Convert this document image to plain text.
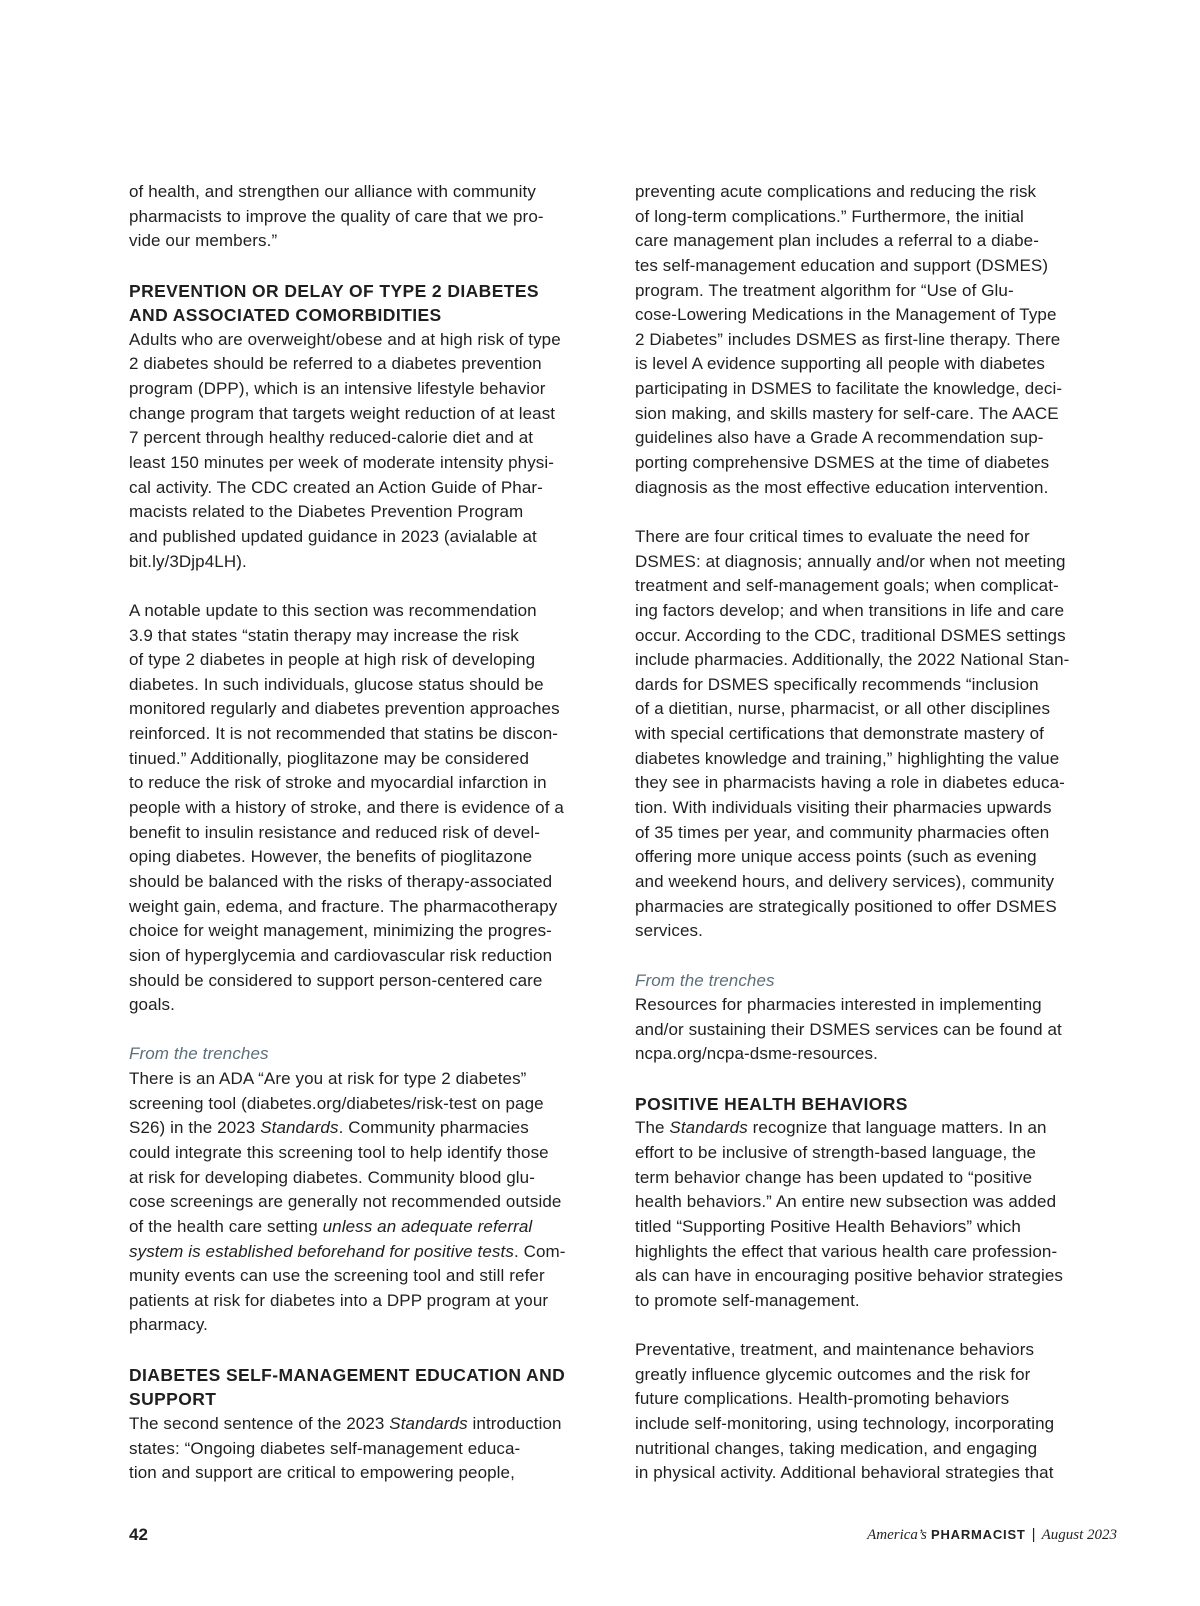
of health, and strengthen our alliance with community
pharmacists to improve the quality of care that we pro-
vide our members.”
PREVENTION OR DELAY OF TYPE 2 DIABETES
AND ASSOCIATED COMORBIDITIES
Adults who are overweight/obese and at high risk of type
2 diabetes should be referred to a diabetes prevention
program (DPP), which is an intensive lifestyle behavior
change program that targets weight reduction of at least
7 percent through healthy reduced-calorie diet and at
least 150 minutes per week of moderate intensity physi-
cal activity. The CDC created an Action Guide of Phar-
macists related to the Diabetes Prevention Program
and published updated guidance in 2023 (avialable at
bit.ly/3Djp4LH).
A notable update to this section was recommendation
3.9 that states “statin therapy may increase the risk
of type 2 diabetes in people at high risk of developing
diabetes. In such individuals, glucose status should be
monitored regularly and diabetes prevention approaches
reinforced. It is not recommended that statins be discon-
tinued.” Additionally, pioglitazone may be considered
to reduce the risk of stroke and myocardial infarction in
people with a history of stroke, and there is evidence of a
benefit to insulin resistance and reduced risk of devel-
oping diabetes. However, the benefits of pioglitazone
should be balanced with the risks of therapy-associated
weight gain, edema, and fracture. The pharmacotherapy
choice for weight management, minimizing the progres-
sion of hyperglycemia and cardiovascular risk reduction
should be considered to support person-centered care
goals.
From the trenches
There is an ADA “Are you at risk for type 2 diabetes”
screening tool (diabetes.org/diabetes/risk-test on page
S26) in the 2023 Standards. Community pharmacies
could integrate this screening tool to help identify those
at risk for developing diabetes. Community blood glu-
cose screenings are generally not recommended outside
of the health care setting unless an adequate referral
system is established beforehand for positive tests. Com-
munity events can use the screening tool and still refer
patients at risk for diabetes into a DPP program at your
pharmacy.
DIABETES SELF-MANAGEMENT EDUCATION AND
SUPPORT
The second sentence of the 2023 Standards introduction
states: “Ongoing diabetes self-management educa-
tion and support are critical to empowering people,
preventing acute complications and reducing the risk
of long-term complications.” Furthermore, the initial
care management plan includes a referral to a diabe-
tes self-management education and support (DSMES)
program. The treatment algorithm for “Use of Glu-
cose-Lowering Medications in the Management of Type
2 Diabetes” includes DSMES as first-line therapy. There
is level A evidence supporting all people with diabetes
participating in DSMES to facilitate the knowledge, deci-
sion making, and skills mastery for self-care. The AACE
guidelines also have a Grade A recommendation sup-
porting comprehensive DSMES at the time of diabetes
diagnosis as the most effective education intervention.
There are four critical times to evaluate the need for
DSMES: at diagnosis; annually and/or when not meeting
treatment and self-management goals; when complicat-
ing factors develop; and when transitions in life and care
occur. According to the CDC, traditional DSMES settings
include pharmacies. Additionally, the 2022 National Stan-
dards for DSMES specifically recommends “inclusion
of a dietitian, nurse, pharmacist, or all other disciplines
with special certifications that demonstrate mastery of
diabetes knowledge and training,” highlighting the value
they see in pharmacists having a role in diabetes educa-
tion. With individuals visiting their pharmacies upwards
of 35 times per year, and community pharmacies often
offering more unique access points (such as evening
and weekend hours, and delivery services), community
pharmacies are strategically positioned to offer DSMES
services.
From the trenches
Resources for pharmacies interested in implementing
and/or sustaining their DSMES services can be found at
ncpa.org/ncpa-dsme-resources.
POSITIVE HEALTH BEHAVIORS
The Standards recognize that language matters. In an
effort to be inclusive of strength-based language, the
term behavior change has been updated to “positive
health behaviors.” An entire new subsection was added
titled “Supporting Positive Health Behaviors” which
highlights the effect that various health care profession-
als can have in encouraging positive behavior strategies
to promote self-management.
Preventative, treatment, and maintenance behaviors
greatly influence glycemic outcomes and the risk for
future complications. Health-promoting behaviors
include self-monitoring, using technology, incorporating
nutritional changes, taking medication, and engaging
in physical activity. Additional behavioral strategies that
42	America’s PHARMACIST | August 2023
